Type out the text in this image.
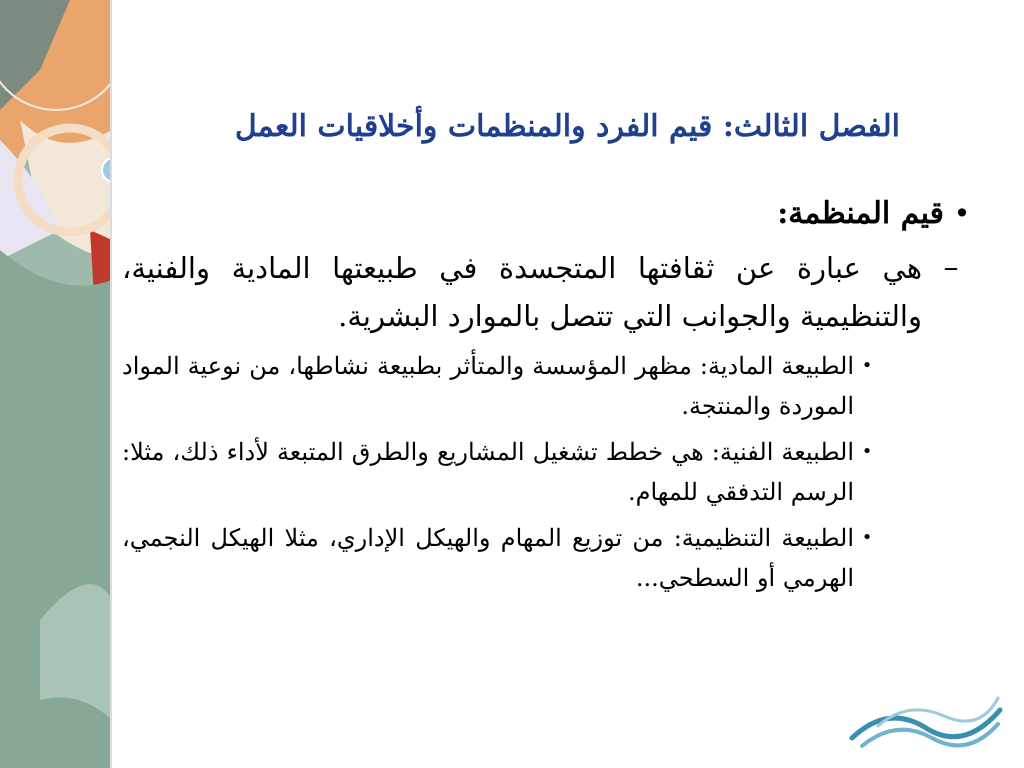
الفصل الثالث: قيم الفرد والمنظمات وأخلاقيات العمل
•
قيم المنظمة:
–
هي عبارة عن ثقافتها المتجسدة في طبيعتها المادية والفنية، والتنظيمية والجوانب التي تتصل بالموارد البشرية.
•
الطبيعة المادية: مظهر المؤسسة والمتأثر بطبيعة نشاطها، من نوعية المواد الموردة والمنتجة.
•
الطبيعة الفنية: هي خطط تشغيل المشاريع والطرق المتبعة لأداء ذلك، مثلا: الرسم التدفقي للمهام.
•
الطبيعة التنظيمية: من توزيع المهام والهيكل الإداري، مثلا الهيكل النجمي، الهرمي أو السطحي...
